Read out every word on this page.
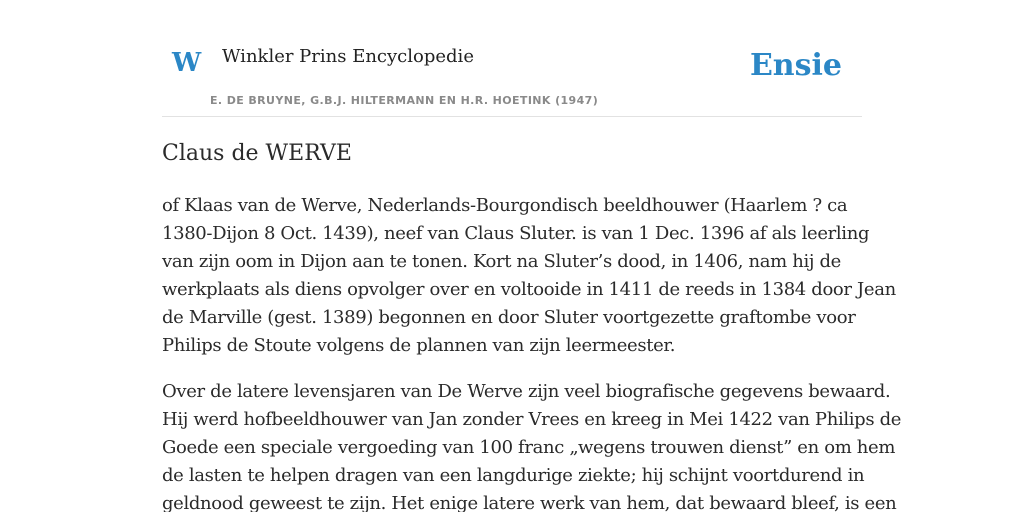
W Winkler Prins Encyclopedie
E. DE BRUYNE, G.B.J. HILTERMANN EN H.R. HOETINK (1947)
Ensie
Claus de WERVE

of Klaas van de Werve, Nederlands-Bourgondisch beeldhouwer (Haarlem ? ca
1380-Dijon 8 Oct. 1439), neef van Claus Sluter. is van 1 Dec. 1396 af als leerling
van zijn oom in Dijon aan te tonen. Kort na Sluter’s dood, in 1406, nam hij de
werkplaats als diens opvolger over en voltooide in 1411 de reeds in 1384 door Jean
de Marville (gest. 1389) begonnen en door Sluter voortgezette graftombe voor
Philips de Stoute volgens de plannen van zijn leermeester.

Over de latere levensjaren van De Werve zijn veel biografische gegevens bewaard.
Hij werd hofbeeldhouwer van Jan zonder Vrees en kreeg in Mei 1422 van Philips de
Goede een speciale vergoeding van 100 franc „wegens trouwen dienst” en om hem
de lasten te helpen dragen van een langdurige ziekte; hij schijnt voortdurend in
geldnood geweest te zijn. Het enige latere werk van hem, dat bewaard bleef, is een
